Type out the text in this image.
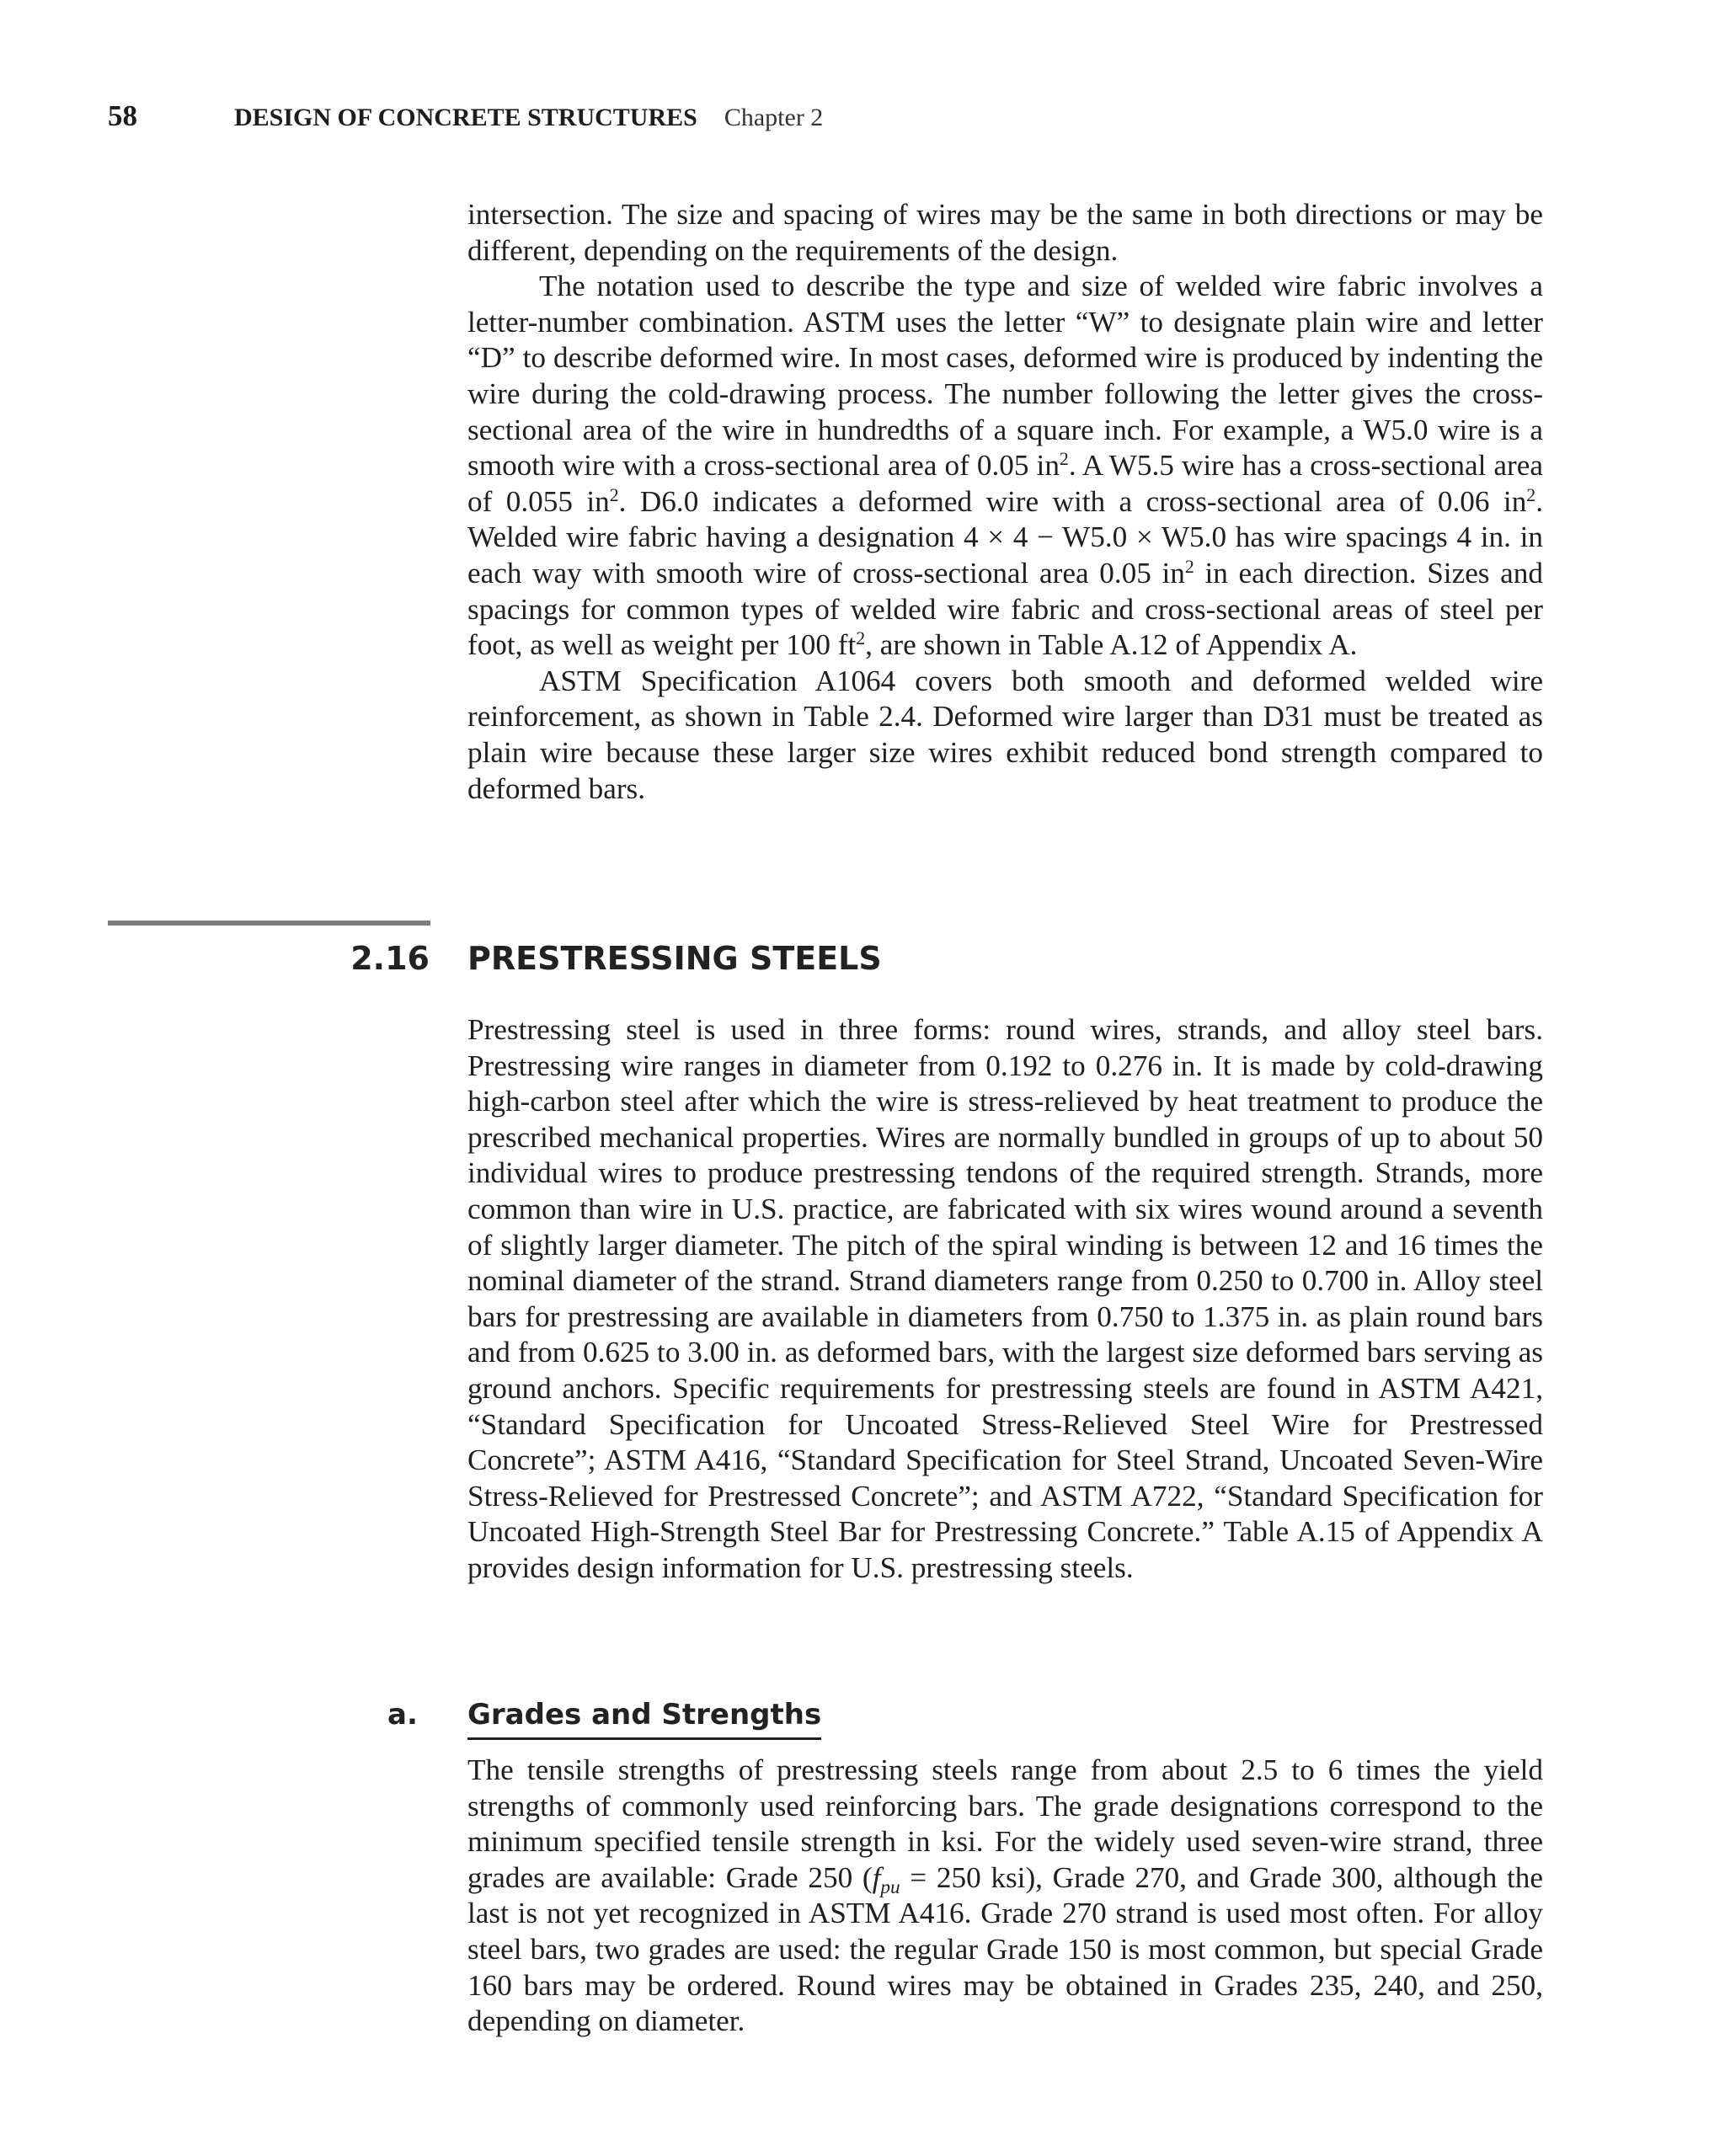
58	DESIGN OF CONCRETE STRUCTURES Chapter 2

intersection. The size and spacing of wires may be the same in both directions or may be different, depending on the requirements of the design.

The notation used to describe the type and size of welded wire fabric involves a letter-number combination. ASTM uses the letter “W” to designate plain wire and letter “D” to describe deformed wire. In most cases, deformed wire is produced by indenting the wire during the cold-drawing process. The number following the letter gives the cross-sectional area of the wire in hundredths of a square inch. For example, a W5.0 wire is a smooth wire with a cross-sectional area of 0.05 $in^2$. A W5.5 wire has a cross-sectional area of 0.055 $in^2$. D6.0 indicates a deformed wire with a cross-sectional area of 0.06 $in^2$. Welded wire fabric having a designation 4 × 4 − W5.0 × W5.0 has wire spacings 4 in. in each way with smooth wire of cross-sectional area 0.05 $in^2$ in each direction. Sizes and spacings for common types of welded wire fabric and cross-sectional areas of steel per foot, as well as weight per 100 $ft^2$, are shown in Table A.12 of Appendix A.

ASTM Specification A1064 covers both smooth and deformed welded wire reinforcement, as shown in Table 2.4. Deformed wire larger than D31 must be treated as plain wire because these larger size wires exhibit reduced bond strength compared to deformed bars.

2.16 PRESTRESSING STEELS

Prestressing steel is used in three forms: round wires, strands, and alloy steel bars. Prestressing wire ranges in diameter from 0.192 to 0.276 in. It is made by cold-drawing high-carbon steel after which the wire is stress-relieved by heat treatment to produce the prescribed mechanical properties. Wires are normally bundled in groups of up to about 50 individual wires to produce prestressing tendons of the required strength. Strands, more common than wire in U.S. practice, are fabricated with six wires wound around a seventh of slightly larger diameter. The pitch of the spiral winding is between 12 and 16 times the nominal diameter of the strand. Strand diameters range from 0.250 to 0.700 in. Alloy steel bars for prestressing are available in diameters from 0.750 to 1.375 in. as plain round bars and from 0.625 to 3.00 in. as deformed bars, with the largest size deformed bars serving as ground anchors. Specific requirements for prestressing steels are found in ASTM A421, “Standard Specification for Uncoated Stress-Relieved Steel Wire for Prestressed Concrete”; ASTM A416, “Standard Specification for Steel Strand, Uncoated Seven-Wire Stress-Relieved for Prestressed Concrete”; and ASTM A722, “Standard Specification for Uncoated High-Strength Steel Bar for Prestressing Concrete.” Table A.15 of Appendix A provides design information for U.S. prestressing steels.

a.	Grades and Strengths

The tensile strengths of prestressing steels range from about 2.5 to 6 times the yield strengths of commonly used reinforcing bars. The grade designations correspond to the minimum specified tensile strength in ksi. For the widely used seven-wire strand, three grades are available: Grade 250 ($f_{pu} = 250$ ksi), Grade 270, and Grade 300, although the last is not yet recognized in ASTM A416. Grade 270 strand is used most often. For alloy steel bars, two grades are used: the regular Grade 150 is most common, but special Grade 160 bars may be ordered. Round wires may be obtained in Grades 235, 240, and 250, depending on diameter.
